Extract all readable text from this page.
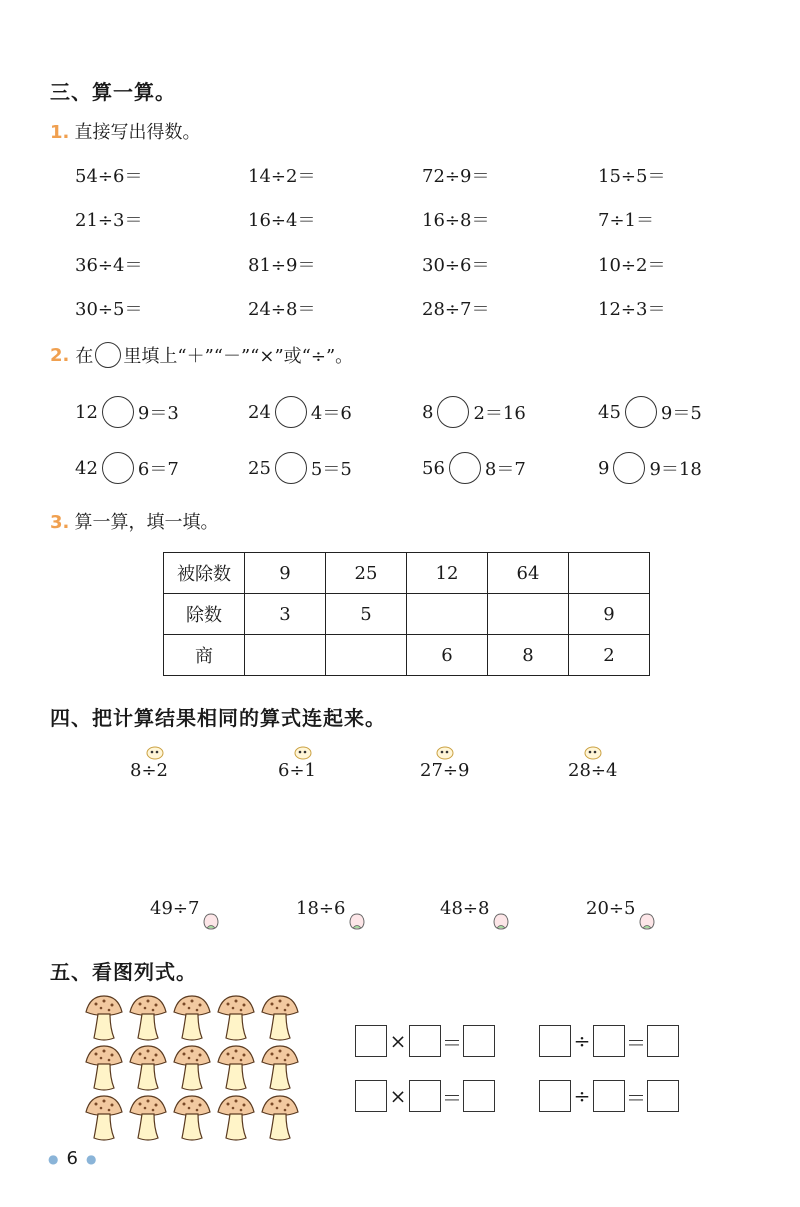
三、算一算。
1. 直接写出得数。
54÷6＝	14÷2＝	72÷9＝	15÷5＝
21÷3＝	16÷4＝	16÷8＝	7÷1＝
36÷4＝	81÷9＝	30÷6＝	10÷2＝
30÷5＝	24÷8＝	28÷7＝	12÷3＝
2. 在 里填上“＋”“－”“×”或“÷”。
12 9＝3	24 4＝6	8 2＝16	45 9＝5
42 6＝7	25 5＝5	56 8＝7	9 9＝18
3. 算一算，填一填。
被除数	9	25	12	64	
除数	3	5			9
商			6	8	2
四、把计算结果相同的算式连起来。
8÷2	6÷1	27÷9	28÷4
49÷7	18÷6	48÷8	20÷5
五、看图列式。
× ＝	÷ ＝
× ＝	÷ ＝
● 6 ●
